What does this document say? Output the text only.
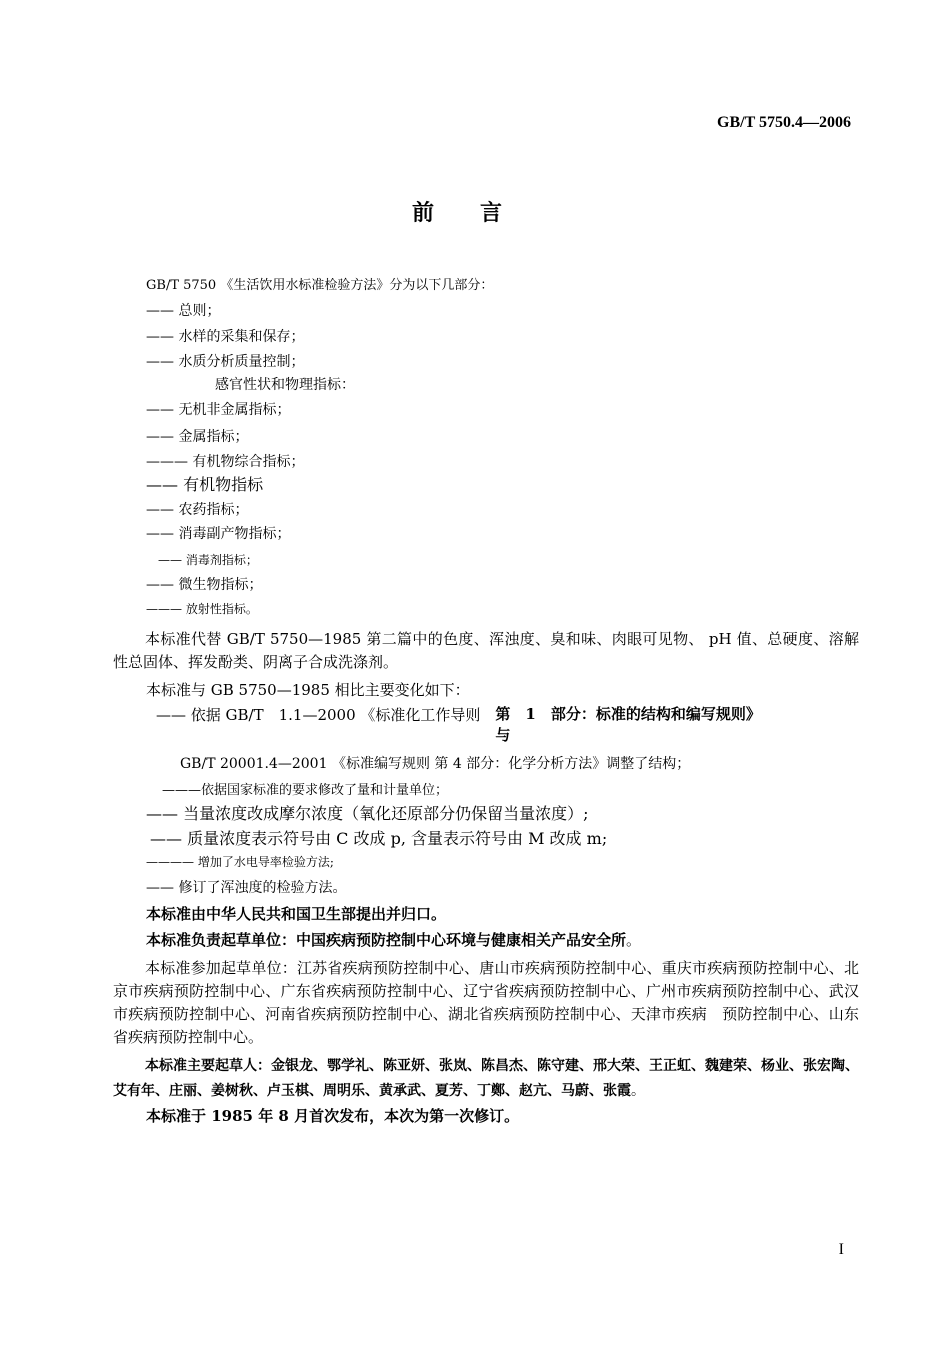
GB/T 5750.4—2006
前言
GB/T 5750 《生活饮用水标准检验方法》分为以下几部分：
—— 总则；
—— 水样的采集和保存；
—— 水质分析质量控制；
感官性状和物理指标：
—— 无机非金属指标；
—— 金属指标；
——— 有机物综合指标；
—— 有机物指标
—— 农药指标；
—— 消毒副产物指标；
—— 消毒剂指标；
—— 微生物指标；
——— 放射性指标。
本标准代替 GB/T 5750—1985 第二篇中的色度、浑浊度、臭和味、肉眼可见物、 pH 值、总硬度、溶解　性总固体、挥发酚类、阴离子合成洗涤剂。
本标准与 GB 5750—1985 相比主要变化如下：
—— 依据 GB/T　1.1—2000 《标准化工作导则　第　1　部分：标准的结构和编写规则》与
GB/T 20001.4—2001 《标准编写规则 第 4 部分：化学分析方法》调整了结构；
———依据国家标准的要求修改了量和计量单位；
—— 当量浓度改成摩尔浓度（氧化还原部分仍保留当量浓度）;
—— 质量浓度表示符号由 C 改成 p, 含量表示符号由 M 改成 m;
———— 增加了水电导率检验方法;
—— 修订了浑浊度的检验方法。
本标准由中华人民共和国卫生部提出并归口。
本标准负责起草单位：中国疾病预防控制中心环境与健康相关产品安全所。
本标准参加起草单位：江苏省疾病预防控制中心、唐山市疾病预防控制中心、重庆市疾病预防控制中心、北京市疾病预防控制中心、广东省疾病预防控制中心、辽宁省疾病预防控制中心、广州市疾病预防控制中心、武汉市疾病预防控制中心、河南省疾病预防控制中心、湖北省疾病预防控制中心、天津市疾病　预防控制中心、山东省疾病预防控制中心。
本标准主要起草人：金银龙、鄂学礼、陈亚妍、张岚、陈昌杰、陈守建、邢大荣、王正虹、魏建荣、杨业、张宏陶、艾有年、庄丽、姜树秋、卢玉棋、周明乐、黄承武、夏芳、丁鄭、赵亢、马蔚、张霞。
本标准于 1985 年 8 月首次发布，本次为第一次修订。
I
